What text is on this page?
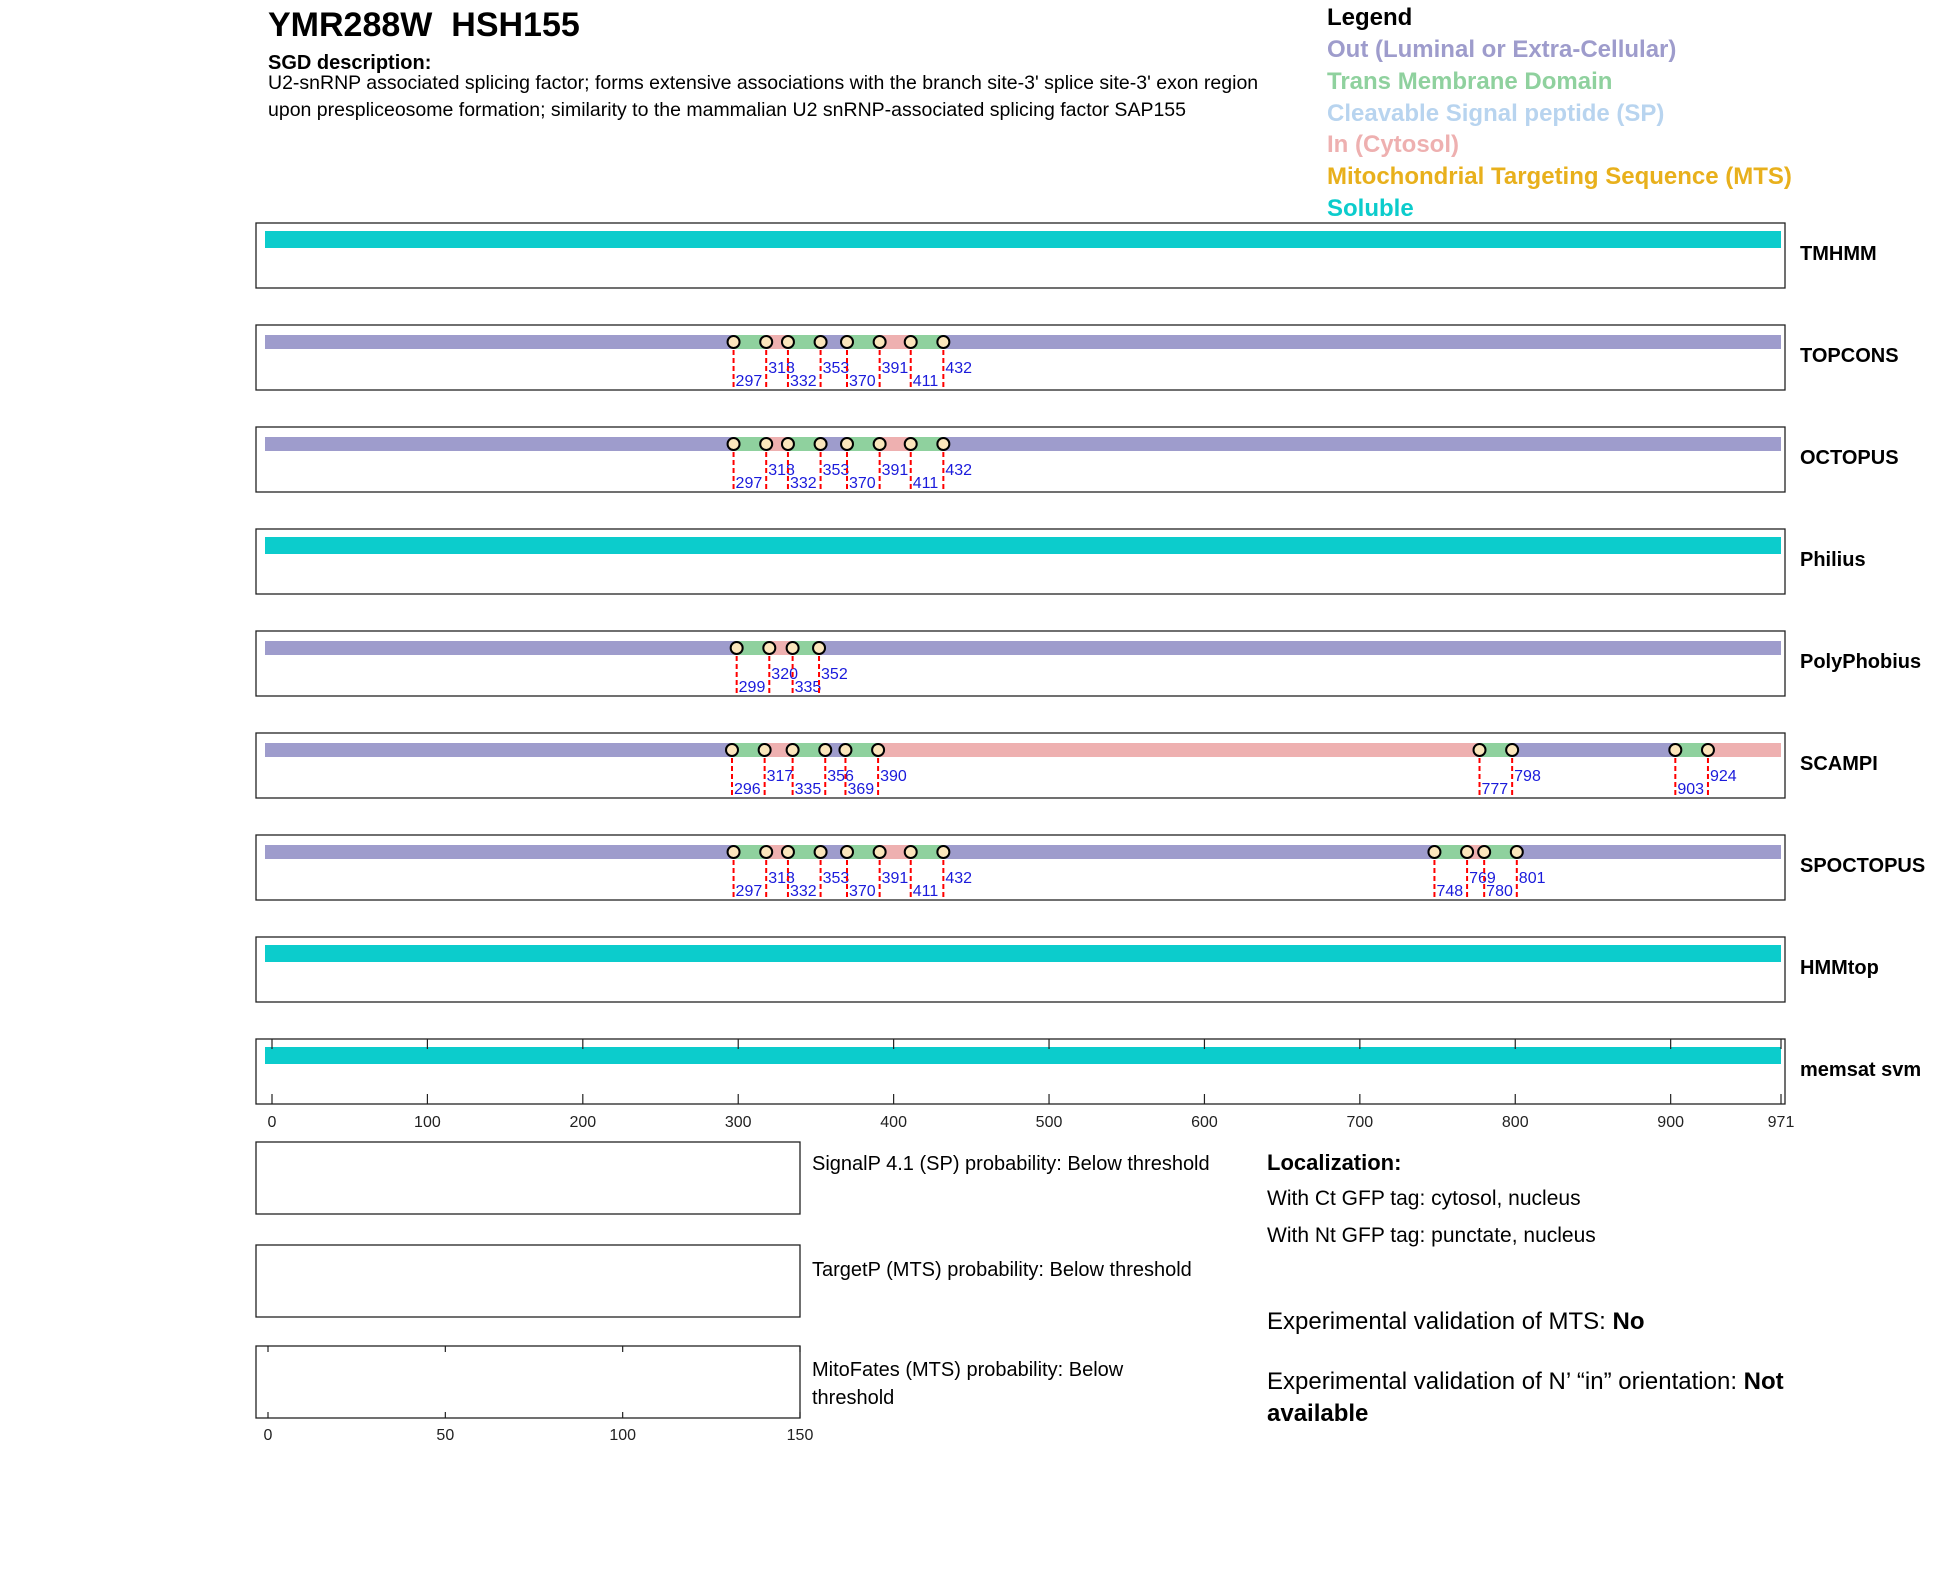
YMR288W  HSH155
SGD description:
U2-snRNP associated splicing factor; forms extensive associations with the branch site-3' splice site-3' exon region upon prespliceosome formation; similarity to the mammalian U2 snRNP-associated splicing factor SAP155
Legend
Out (Luminal or Extra-Cellular)
Trans Membrane Domain
Cleavable Signal peptide (SP)
In (Cytosol)
Mitochondrial Targeting Sequence (MTS)
Soluble
297
318
332
353
370
391
411
432
297
318
332
353
370
391
411
432
299
320
335
352
296
317
335
356
369
390
777
798
903
924
297
318
332
353
370
391
411
432
748
769
780
801
0	100	200	300	400	500	600	700	800	900	971
0	50	100	150
TMHMM
TOPCONS
OCTOPUS
Philius
PolyPhobius
SCAMPI
SPOCTOPUS
HMMtop
memsat svm
SignalP 4.1 (SP) probability: Below threshold
TargetP (MTS) probability: Below threshold
MitoFates (MTS) probability: Below threshold
Localization:
With Ct GFP tag: cytosol, nucleus
With Nt GFP tag: punctate, nucleus
Experimental validation of MTS: No
Experimental validation of N’ “in” orientation: Not available
